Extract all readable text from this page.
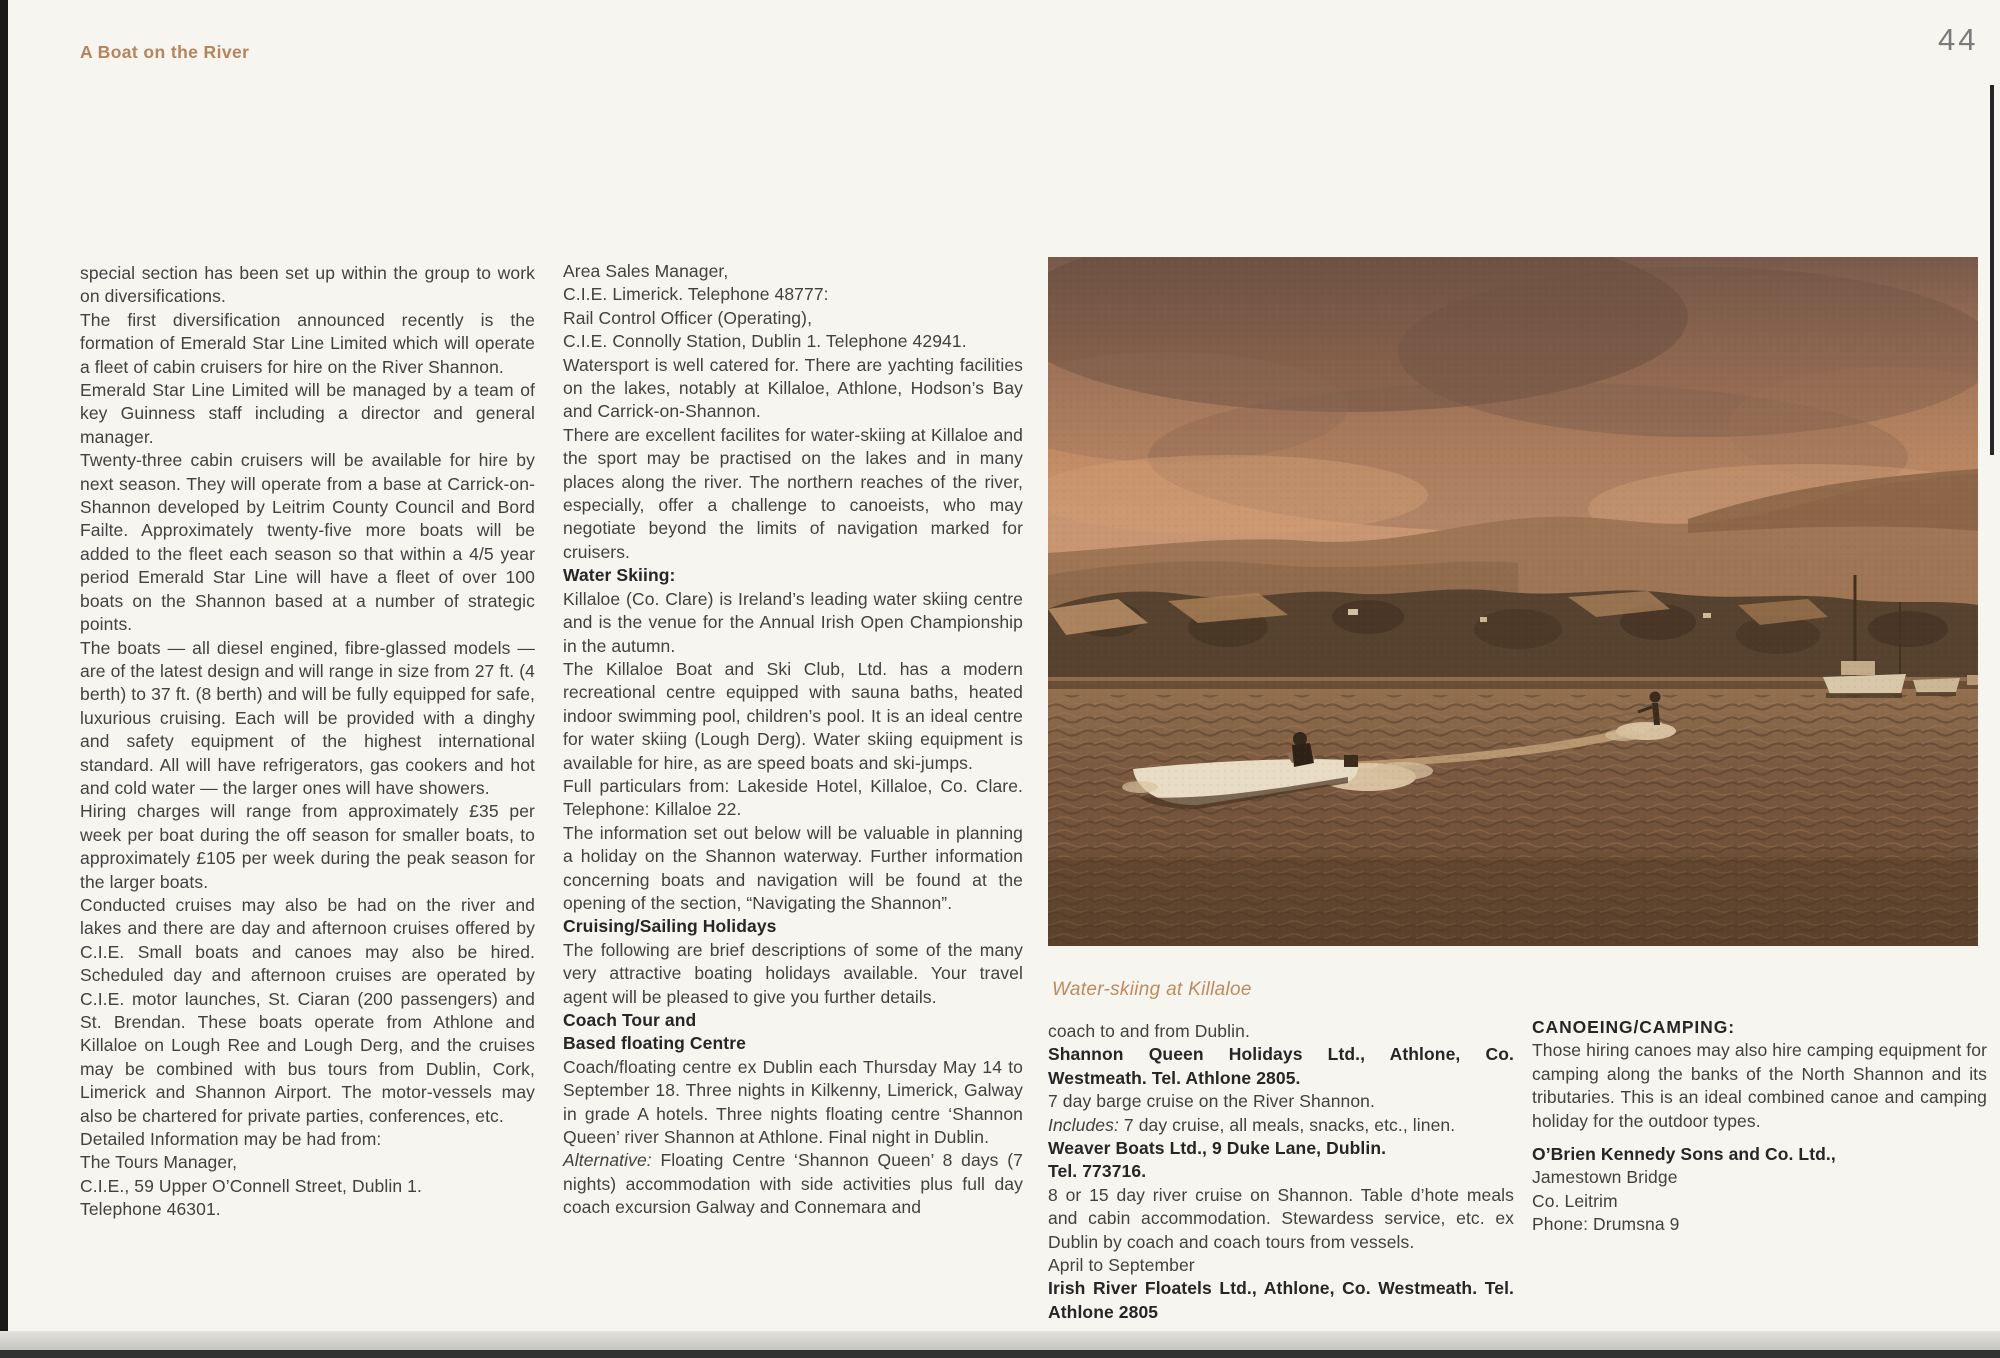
A Boat on the River	44
special section has been set up within the group to work on diversifications.
The first diversification announced recently is the formation of Emerald Star Line Limited which will operate a fleet of cabin cruisers for hire on the River Shannon.
Emerald Star Line Limited will be managed by a team of key Guinness staff including a director and general manager.
Twenty-three cabin cruisers will be available for hire by next season. They will operate from a base at Carrick-on-Shannon developed by Leitrim County Council and Bord Failte. Approximately twenty-five more boats will be added to the fleet each season so that within a 4/5 year period Emerald Star Line will have a fleet of over 100 boats on the Shannon based at a number of strategic points.
The boats — all diesel engined, fibre-glassed models — are of the latest design and will range in size from 27 ft. (4 berth) to 37 ft. (8 berth) and will be fully equipped for safe, luxurious cruising. Each will be provided with a dinghy and safety equipment of the highest international standard. All will have refrigerators, gas cookers and hot and cold water — the larger ones will have showers.
Hiring charges will range from approximately £35 per week per boat during the off season for smaller boats, to approximately £105 per week during the peak season for the larger boats.
Conducted cruises may also be had on the river and lakes and there are day and afternoon cruises offered by C.I.E. Small boats and canoes may also be hired. Scheduled day and afternoon cruises are operated by C.I.E. motor launches, St. Ciaran (200 passengers) and St. Brendan. These boats operate from Athlone and Killaloe on Lough Ree and Lough Derg, and the cruises may be combined with bus tours from Dublin, Cork, Limerick and Shannon Airport. The motor-vessels may also be chartered for private parties, conferences, etc.
Detailed Information may be had from:
The Tours Manager,
C.I.E., 59 Upper O’Connell Street, Dublin 1.
Telephone 46301.
Area Sales Manager,
C.I.E. Limerick. Telephone 48777:
Rail Control Officer (Operating),
C.I.E. Connolly Station, Dublin 1. Telephone 42941.
Watersport is well catered for. There are yachting facilities on the lakes, notably at Killaloe, Athlone, Hodson’s Bay and Carrick-on-Shannon.
There are excellent facilites for water-skiing at Killaloe and the sport may be practised on the lakes and in many places along the river. The northern reaches of the river, especially, offer a challenge to canoeists, who may negotiate beyond the limits of navigation marked for cruisers.
Water Skiing:
Killaloe (Co. Clare) is Ireland’s leading water skiing centre and is the venue for the Annual Irish Open Championship in the autumn.
The Killaloe Boat and Ski Club, Ltd. has a modern recreational centre equipped with sauna baths, heated indoor swimming pool, children’s pool. It is an ideal centre for water skiing (Lough Derg). Water skiing equipment is available for hire, as are speed boats and ski-jumps.
Full particulars from: Lakeside Hotel, Killaloe, Co. Clare. Telephone: Killaloe 22.
The information set out below will be valuable in planning a holiday on the Shannon waterway. Further information concerning boats and navigation will be found at the opening of the section, “Navigating the Shannon”.
Cruising/Sailing Holidays
The following are brief descriptions of some of the many very attractive boating holidays available. Your travel agent will be pleased to give you further details.
Coach Tour and
Based floating Centre
Coach/floating centre ex Dublin each Thursday May 14 to September 18. Three nights in Kilkenny, Limerick, Galway in grade A hotels. Three nights floating centre ‘Shannon Queen’ river Shannon at Athlone. Final night in Dublin.
Alternative: Floating Centre ‘Shannon Queen’ 8 days (7 nights) accommodation with side activities plus full day coach excursion Galway and Connemara and
coach to and from Dublin.
Shannon Queen Holidays Ltd., Athlone, Co. Westmeath. Tel. Athlone 2805.
7 day barge cruise on the River Shannon.
Includes: 7 day cruise, all meals, snacks, etc., linen.
Weaver Boats Ltd., 9 Duke Lane, Dublin.
Tel. 773716.
8 or 15 day river cruise on Shannon. Table d’hote meals and cabin accommodation. Stewardess service, etc. ex Dublin by coach and coach tours from vessels.
April to September
Irish River Floatels Ltd., Athlone, Co. Westmeath. Tel. Athlone 2805
CANOEING/CAMPING:
Those hiring canoes may also hire camping equipment for camping along the banks of the North Shannon and its tributaries. This is an ideal combined canoe and camping holiday for the outdoor types.
O’Brien Kennedy Sons and Co. Ltd.,
Jamestown Bridge
Co. Leitrim
Phone: Drumsna 9
Water-skiing at Killaloe
